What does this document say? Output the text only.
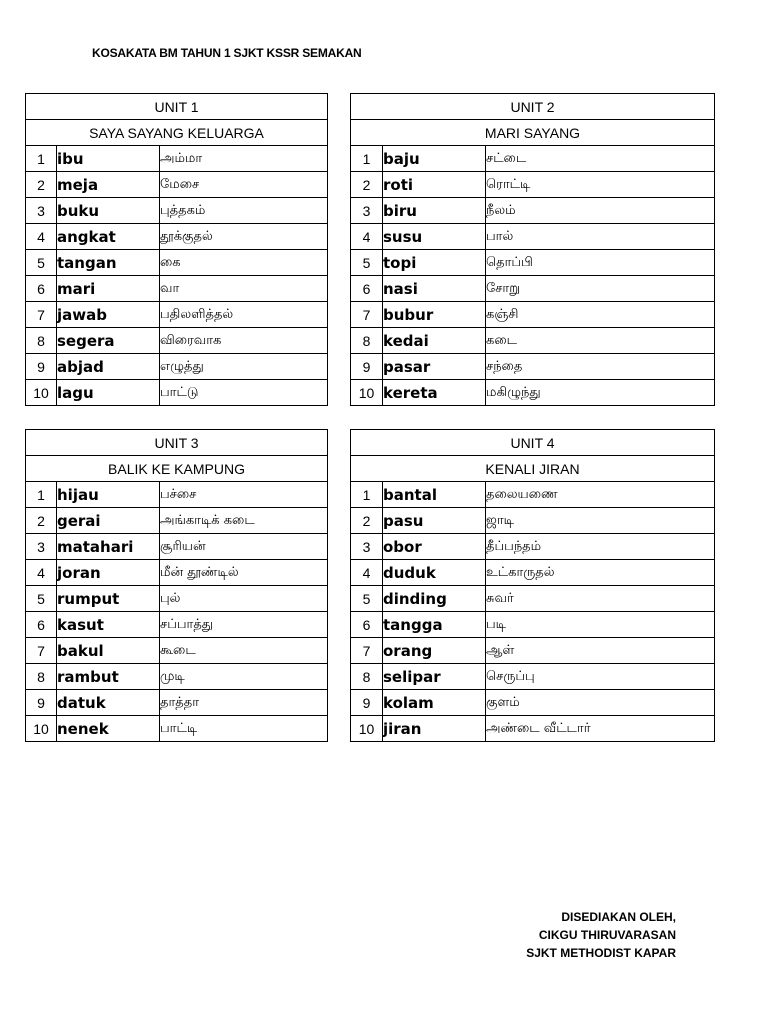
KOSAKATA BM TAHUN 1 SJKT KSSR SEMAKAN
UNIT 1		
SAYA SAYANG KELUARGA		
1	ibu	அம்மா
2	meja	மேசை
3	buku	புத்தகம்
4	angkat	தூக்குதல்
5	tangan	கை
6	mari	வா
7	jawab	பதிலளித்தல்
8	segera	விரைவாக
9	abjad	எழுத்து
10	lagu	பாட்டு
UNIT 2		
MARI SAYANG		
1	baju	சட்டை
2	roti	ரொட்டி
3	biru	நீலம்
4	susu	பால்
5	topi	தொப்பி
6	nasi	சோறு
7	bubur	கஞ்சி
8	kedai	கடை
9	pasar	சந்தை
10	kereta	மகிழுந்து
UNIT 3		
BALIK KE KAMPUNG		
1	hijau	பச்சை
2	gerai	அங்காடிக் கடை
3	matahari	சூரியன்
4	joran	மீன் தூண்டில்
5	rumput	புல்
6	kasut	சப்பாத்து
7	bakul	கூடை
8	rambut	முடி
9	datuk	தாத்தா
10	nenek	பாட்டி
UNIT 4		
KENALI JIRAN		
1	bantal	தலையணை
2	pasu	ஜாடி
3	obor	தீப்பந்தம்
4	duduk	உட்காருதல்
5	dinding	சுவர்
6	tangga	படி
7	orang	ஆள்
8	selipar	செருப்பு
9	kolam	குளம்
10	jiran	அண்டை வீட்டார்
DISEDIAKAN OLEH,
CIKGU THIRUVARASAN
SJKT METHODIST KAPAR
